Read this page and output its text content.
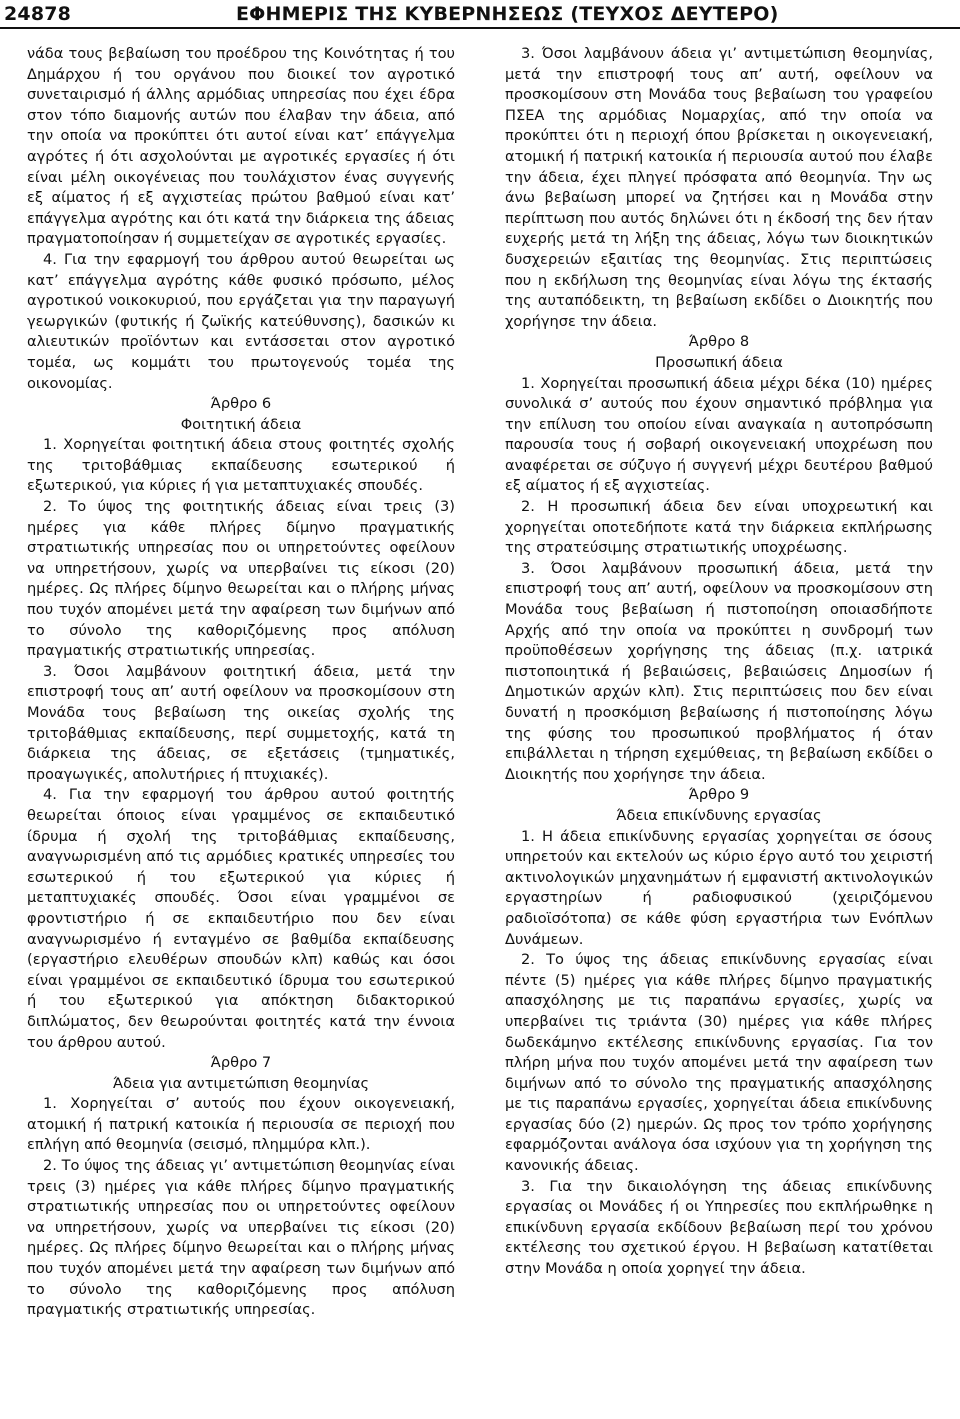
24878	ΕΦΗΜΕΡΙΣ ΤΗΣ ΚΥΒΕΡΝΗΣΕΩΣ (ΤΕΥΧΟΣ ΔΕΥΤΕΡΟ)

νάδα τους βεβαίωση του προέδρου της Κοινότητας ή του Δημάρχου ή του οργάνου που διοικεί τον αγροτικό συνεταιρισμό ή άλλης αρμόδιας υπηρεσίας που έχει έδρα στον τόπο διαμονής αυτών που έλαβαν την άδεια, από την οποία να προκύπτει ότι αυτοί είναι κατ’ επάγγελμα αγρότες ή ότι ασχολούνται με αγροτικές εργασίες ή ότι είναι μέλη οικογένειας που τουλάχιστον ένας συγγενής εξ αίματος ή εξ αγχιστείας πρώτου βαθμού είναι κατ’ επάγγελμα αγρότης και ότι κατά την διάρκεια της άδειας πραγματοποίησαν ή συμμετείχαν σε αγροτικές εργασίες.

4. Για την εφαρμογή του άρθρου αυτού θεωρείται ως κατ’ επάγγελμα αγρότης κάθε φυσικό πρόσωπο, μέλος αγροτικού νοικοκυριού, που εργάζεται για την παραγωγή γεωργικών (φυτικής ή ζωϊκής κατεύθυνσης), δασικών κι αλιευτικών προϊόντων και εντάσσεται στον αγροτικό τομέα, ως κομμάτι του πρωτογενούς τομέα της οικονομίας.

Άρθρο 6

Φοιτητική άδεια

1. Χορηγείται φοιτητική άδεια στους φοιτητές σχολής της τριτοβάθμιας εκπαίδευσης εσωτερικού ή εξωτερικού, για κύριες ή για μεταπτυχιακές σπουδές.

2. Το ύψος της φοιτητικής άδειας είναι τρεις (3) ημέρες για κάθε πλήρες δίμηνο πραγματικής στρατιωτικής υπηρεσίας που οι υπηρετούντες οφείλουν να υπηρετήσουν, χωρίς να υπερβαίνει τις είκοσι (20) ημέρες. Ως πλήρες δίμηνο θεωρείται και ο πλήρης μήνας που τυχόν απομένει μετά την αφαίρεση των διμήνων από το σύνολο της καθοριζόμενης προς απόλυση πραγματικής στρατιωτικής υπηρεσίας.

3. Όσοι λαμβάνουν φοιτητική άδεια, μετά την επιστροφή τους απ’ αυτή οφείλουν να προσκομίσουν στη Μονάδα τους βεβαίωση της οικείας σχολής της τριτοβάθμιας εκπαίδευσης, περί συμμετοχής, κατά τη διάρκεια της άδειας, σε εξετάσεις (τμηματικές, προαγωγικές, απολυτήριες ή πτυχιακές).

4. Για την εφαρμογή του άρθρου αυτού φοιτητής θεωρείται όποιος είναι γραμμένος σε εκπαιδευτικό ίδρυμα ή σχολή της τριτοβάθμιας εκπαίδευσης, αναγνωρισμένη από τις αρμόδιες κρατικές υπηρεσίες του εσωτερικού ή του εξωτερικού για κύριες ή μεταπτυχιακές σπουδές. Όσοι είναι γραμμένοι σε φροντιστήριο ή σε εκπαιδευτήριο που δεν είναι αναγνωρισμένο ή ενταγμένο σε βαθμίδα εκπαίδευσης (εργαστήριο ελευθέρων σπουδών κλπ) καθώς και όσοι είναι γραμμένοι σε εκπαιδευτικό ίδρυμα του εσωτερικού ή του εξωτερικού για απόκτηση διδακτορικού διπλώματος, δεν θεωρούνται φοιτητές κατά την έννοια του άρθρου αυτού.

Άρθρο 7

Άδεια για αντιμετώπιση θεομηνίας

1. Χορηγείται σ’ αυτούς που έχουν οικογενειακή, ατομική ή πατρική κατοικία ή περιουσία σε περιοχή που επλήγη από θεομηνία (σεισμό, πλημμύρα κλπ.).

2. Το ύψος της άδειας γι’ αντιμετώπιση θεομηνίας είναι τρεις (3) ημέρες για κάθε πλήρες δίμηνο πραγματικής στρατιωτικής υπηρεσίας που οι υπηρετούντες οφείλουν να υπηρετήσουν, χωρίς να υπερβαίνει τις είκοσι (20) ημέρες. Ως πλήρες δίμηνο θεωρείται και ο πλήρης μήνας που τυχόν απομένει μετά την αφαίρεση των διμήνων από το σύνολο της καθοριζόμενης προς απόλυση πραγματικής στρατιωτικής υπηρεσίας.

3. Όσοι λαμβάνουν άδεια γι’ αντιμετώπιση θεομηνίας, μετά την επιστροφή τους απ’ αυτή, οφείλουν να προσκομίσουν στη Μονάδα τους βεβαίωση του γραφείου ΠΣΕΑ της αρμόδιας Νομαρχίας, από την οποία να προκύπτει ότι η περιοχή όπου βρίσκεται η οικογενειακή, ατομική ή πατρική κατοικία ή περιουσία αυτού που έλαβε την άδεια, έχει πληγεί πρόσφατα από θεομηνία. Την ως άνω βεβαίωση μπορεί να ζητήσει και η Μονάδα στην περίπτωση που αυτός δηλώνει ότι η έκδοσή της δεν ήταν ευχερής μετά τη λήξη της άδειας, λόγω των διοικητικών δυσχερειών εξαιτίας της θεομηνίας. Στις περιπτώσεις που η εκδήλωση της θεομηνίας είναι λόγω της έκτασής της αυταπόδεικτη, τη βεβαίωση εκδίδει ο Διοικητής που χορήγησε την άδεια.

Άρθρο 8

Προσωπική άδεια

1. Χορηγείται προσωπική άδεια μέχρι δέκα (10) ημέρες συνολικά σ’ αυτούς που έχουν σημαντικό πρόβλημα για την επίλυση του οποίου είναι αναγκαία η αυτοπρόσωπη παρουσία τους ή σοβαρή οικογενειακή υποχρέωση που αναφέρεται σε σύζυγο ή συγγενή μέχρι δευτέρου βαθμού εξ αίματος ή εξ αγχιστείας.

2. Η προσωπική άδεια δεν είναι υποχρεωτική και χορηγείται οποτεδήποτε κατά την διάρκεια εκπλήρωσης της στρατεύσιμης στρατιωτικής υποχρέωσης.

3. Όσοι λαμβάνουν προσωπική άδεια, μετά την επιστροφή τους απ’ αυτή, οφείλουν να προσκομίσουν στη Μονάδα τους βεβαίωση ή πιστοποίηση οποιασδήποτε Αρχής από την οποία να προκύπτει η συνδρομή των προϋποθέσεων χορήγησης της άδειας (π.χ. ιατρικά πιστοποιητικά ή βεβαιώσεις, βεβαιώσεις Δημοσίων ή Δημοτικών αρχών κλπ). Στις περιπτώσεις που δεν είναι δυνατή η προσκόμιση βεβαίωσης ή πιστοποίησης λόγω της φύσης του προσωπικού προβλήματος ή όταν επιβάλλεται η τήρηση εχεμύθειας, τη βεβαίωση εκδίδει ο Διοικητής που χορήγησε την άδεια.

Άρθρο 9

Άδεια επικίνδυνης εργασίας

1. Η άδεια επικίνδυνης εργασίας χορηγείται σε όσους υπηρετούν και εκτελούν ως κύριο έργο αυτό του χειριστή ακτινολογικών μηχανημάτων ή εμφανιστή ακτινολογικών εργαστηρίων ή ραδιοφυσικού (χειριζόμενου ραδιοϊσότοπα) σε κάθε φύση εργαστήρια των Ενόπλων Δυνάμεων.

2. Το ύψος της άδειας επικίνδυνης εργασίας είναι πέντε (5) ημέρες για κάθε πλήρες δίμηνο πραγματικής απασχόλησης με τις παραπάνω εργασίες, χωρίς να υπερβαίνει τις τριάντα (30) ημέρες για κάθε πλήρες δωδεκάμηνο εκτέλεσης επικίνδυνης εργασίας. Για τον πλήρη μήνα που τυχόν απομένει μετά την αφαίρεση των διμήνων από το σύνολο της πραγματικής απασχόλησης με τις παραπάνω εργασίες, χορηγείται άδεια επικίνδυνης εργασίας δύο (2) ημερών. Ως προς τον τρόπο χορήγησης εφαρμόζονται ανάλογα όσα ισχύουν για τη χορήγηση της κανονικής άδειας.

3. Για την δικαιολόγηση της άδειας επικίνδυνης εργασίας οι Μονάδες ή οι Υπηρεσίες που εκπλήρωθηκε η επικίνδυνη εργασία εκδίδουν βεβαίωση περί του χρόνου εκτέλεσης του σχετικού έργου. Η βεβαίωση κατατίθεται στην Μονάδα η οποία χορηγεί την άδεια.
